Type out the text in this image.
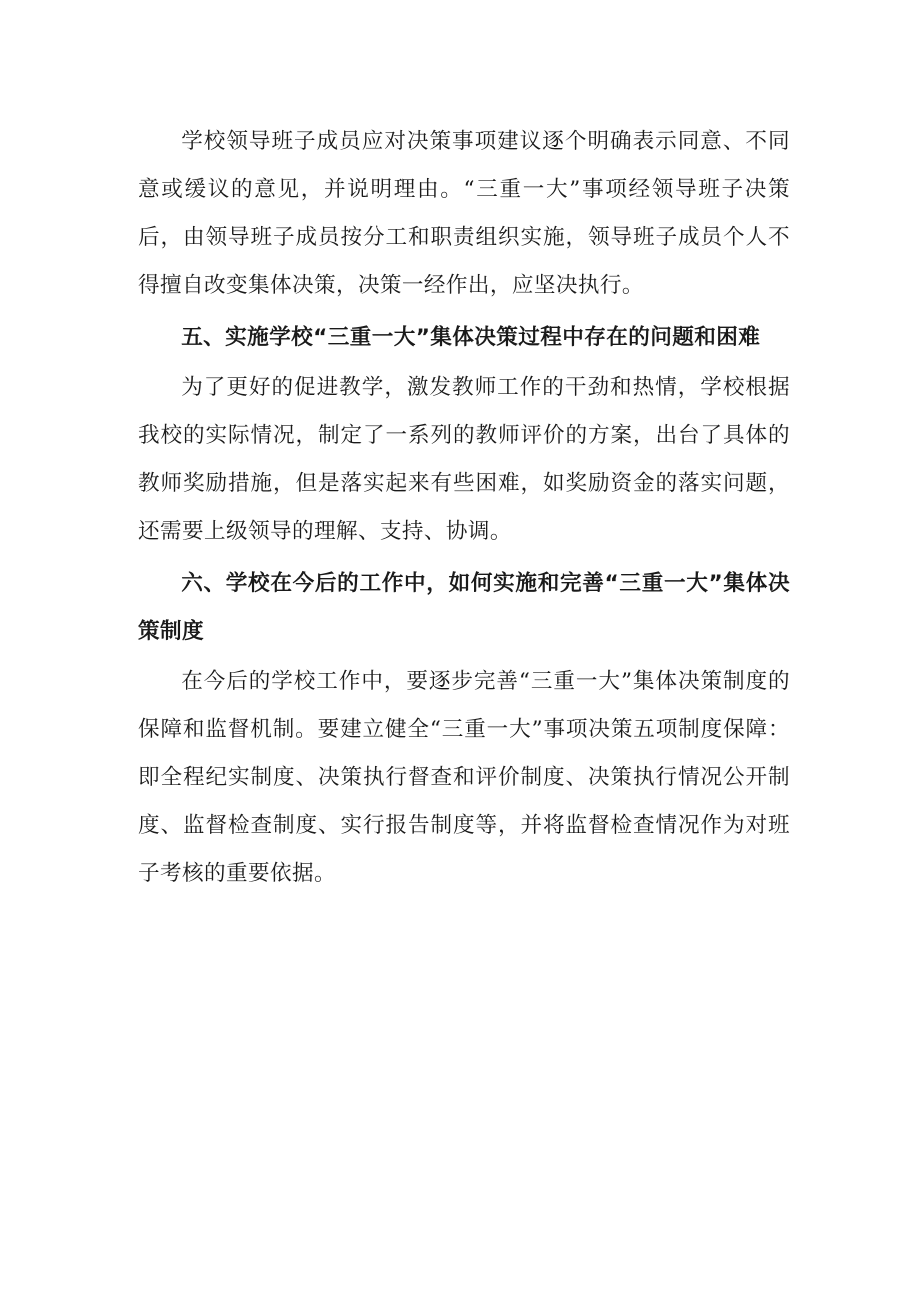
学校领导班子成员应对决策事项建议逐个明确表示同意、不同意或缓议的意见，并说明理由。“三重一大”事项经领导班子决策后，由领导班子成员按分工和职责组织实施，领导班子成员个人不得擅自改变集体决策，决策一经作出，应坚决执行。

五、实施学校“三重一大”集体决策过程中存在的问题和困难

为了更好的促进教学，激发教师工作的干劲和热情，学校根据我校的实际情况，制定了一系列的教师评价的方案，出台了具体的教师奖励措施，但是落实起来有些困难，如奖励资金的落实问题，还需要上级领导的理解、支持、协调。

六、学校在今后的工作中，如何实施和完善“三重一大”集体决策制度

在今后的学校工作中，要逐步完善“三重一大”集体决策制度的保障和监督机制。要建立健全“三重一大”事项决策五项制度保障：即全程纪实制度、决策执行督查和评价制度、决策执行情况公开制度、监督检查制度、实行报告制度等，并将监督检查情况作为对班子考核的重要依据。
